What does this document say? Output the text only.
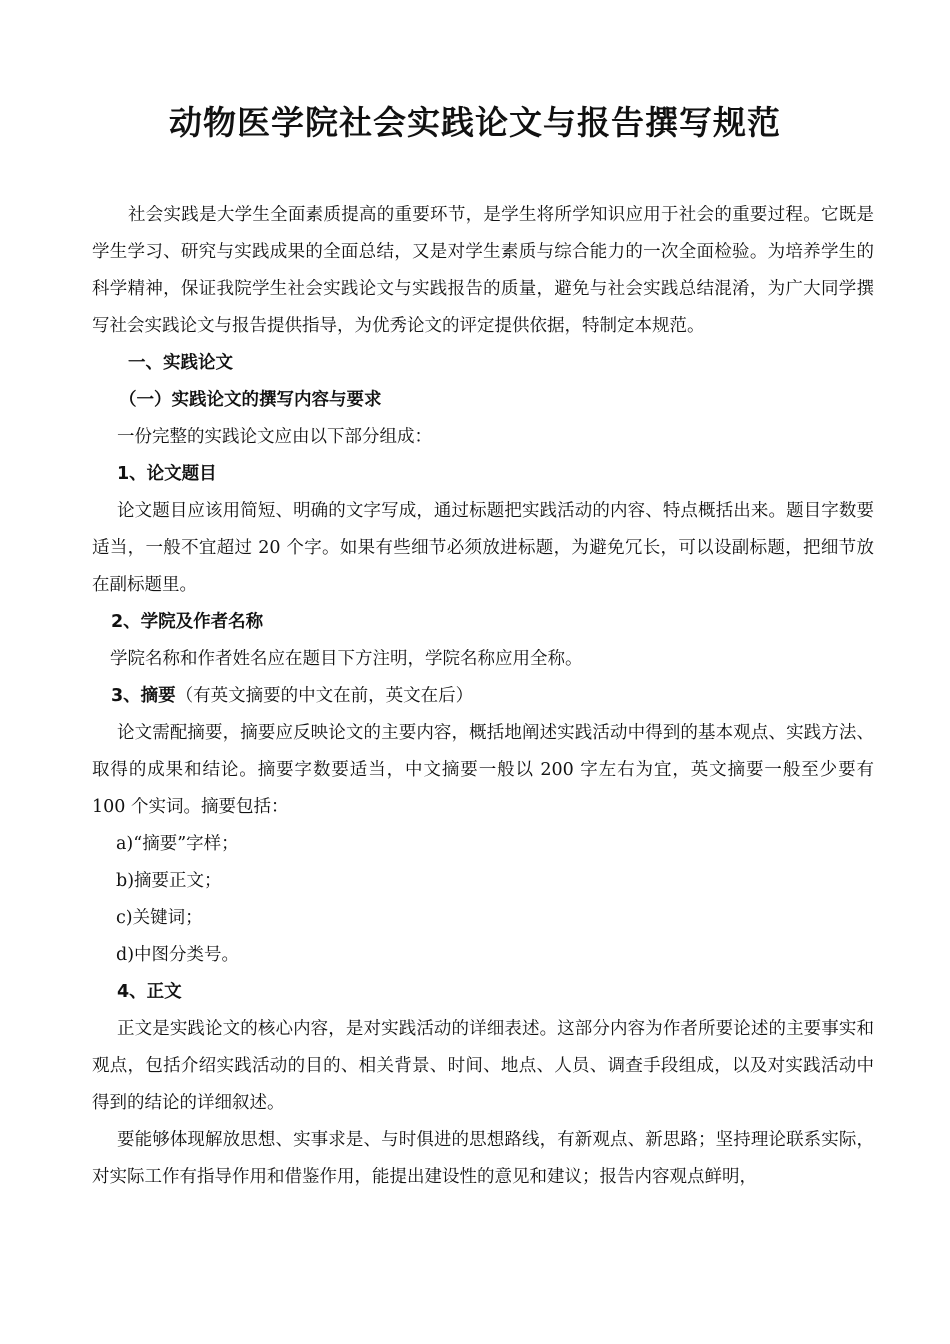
动物医学院社会实践论文与报告撰写规范

社会实践是大学生全面素质提高的重要环节，是学生将所学知识应用于社会的重要过程。它既是学生学习、研究与实践成果的全面总结，又是对学生素质与综合能力的一次全面检验。为培养学生的科学精神，保证我院学生社会实践论文与实践报告的质量，避免与社会实践总结混淆，为广大同学撰写社会实践论文与报告提供指导，为优秀论文的评定提供依据，特制定本规范。

一、实践论文

（一）实践论文的撰写内容与要求

一份完整的实践论文应由以下部分组成：

1、论文题目

论文题目应该用简短、明确的文字写成，通过标题把实践活动的内容、特点概括出来。题目字数要适当，一般不宜超过 20 个字。如果有些细节必须放进标题，为避免冗长，可以设副标题，把细节放在副标题里。

2、学院及作者名称

学院名称和作者姓名应在题目下方注明，学院名称应用全称。

3、摘要（有英文摘要的中文在前，英文在后）

论文需配摘要，摘要应反映论文的主要内容，概括地阐述实践活动中得到的基本观点、实践方法、取得的成果和结论。摘要字数要适当，中文摘要一般以 200 字左右为宜，英文摘要一般至少要有 100 个实词。摘要包括：

a)“摘要”字样；

b)摘要正文；

c)关键词；

d)中图分类号。

4、正文

正文是实践论文的核心内容，是对实践活动的详细表述。这部分内容为作者所要论述的主要事实和观点，包括介绍实践活动的目的、相关背景、时间、地点、人员、调查手段组成，以及对实践活动中得到的结论的详细叙述。

要能够体现解放思想、实事求是、与时俱进的思想路线，有新观点、新思路；坚持理论联系实际，对实际工作有指导作用和借鉴作用，能提出建设性的意见和建议；报告内容观点鲜明，
